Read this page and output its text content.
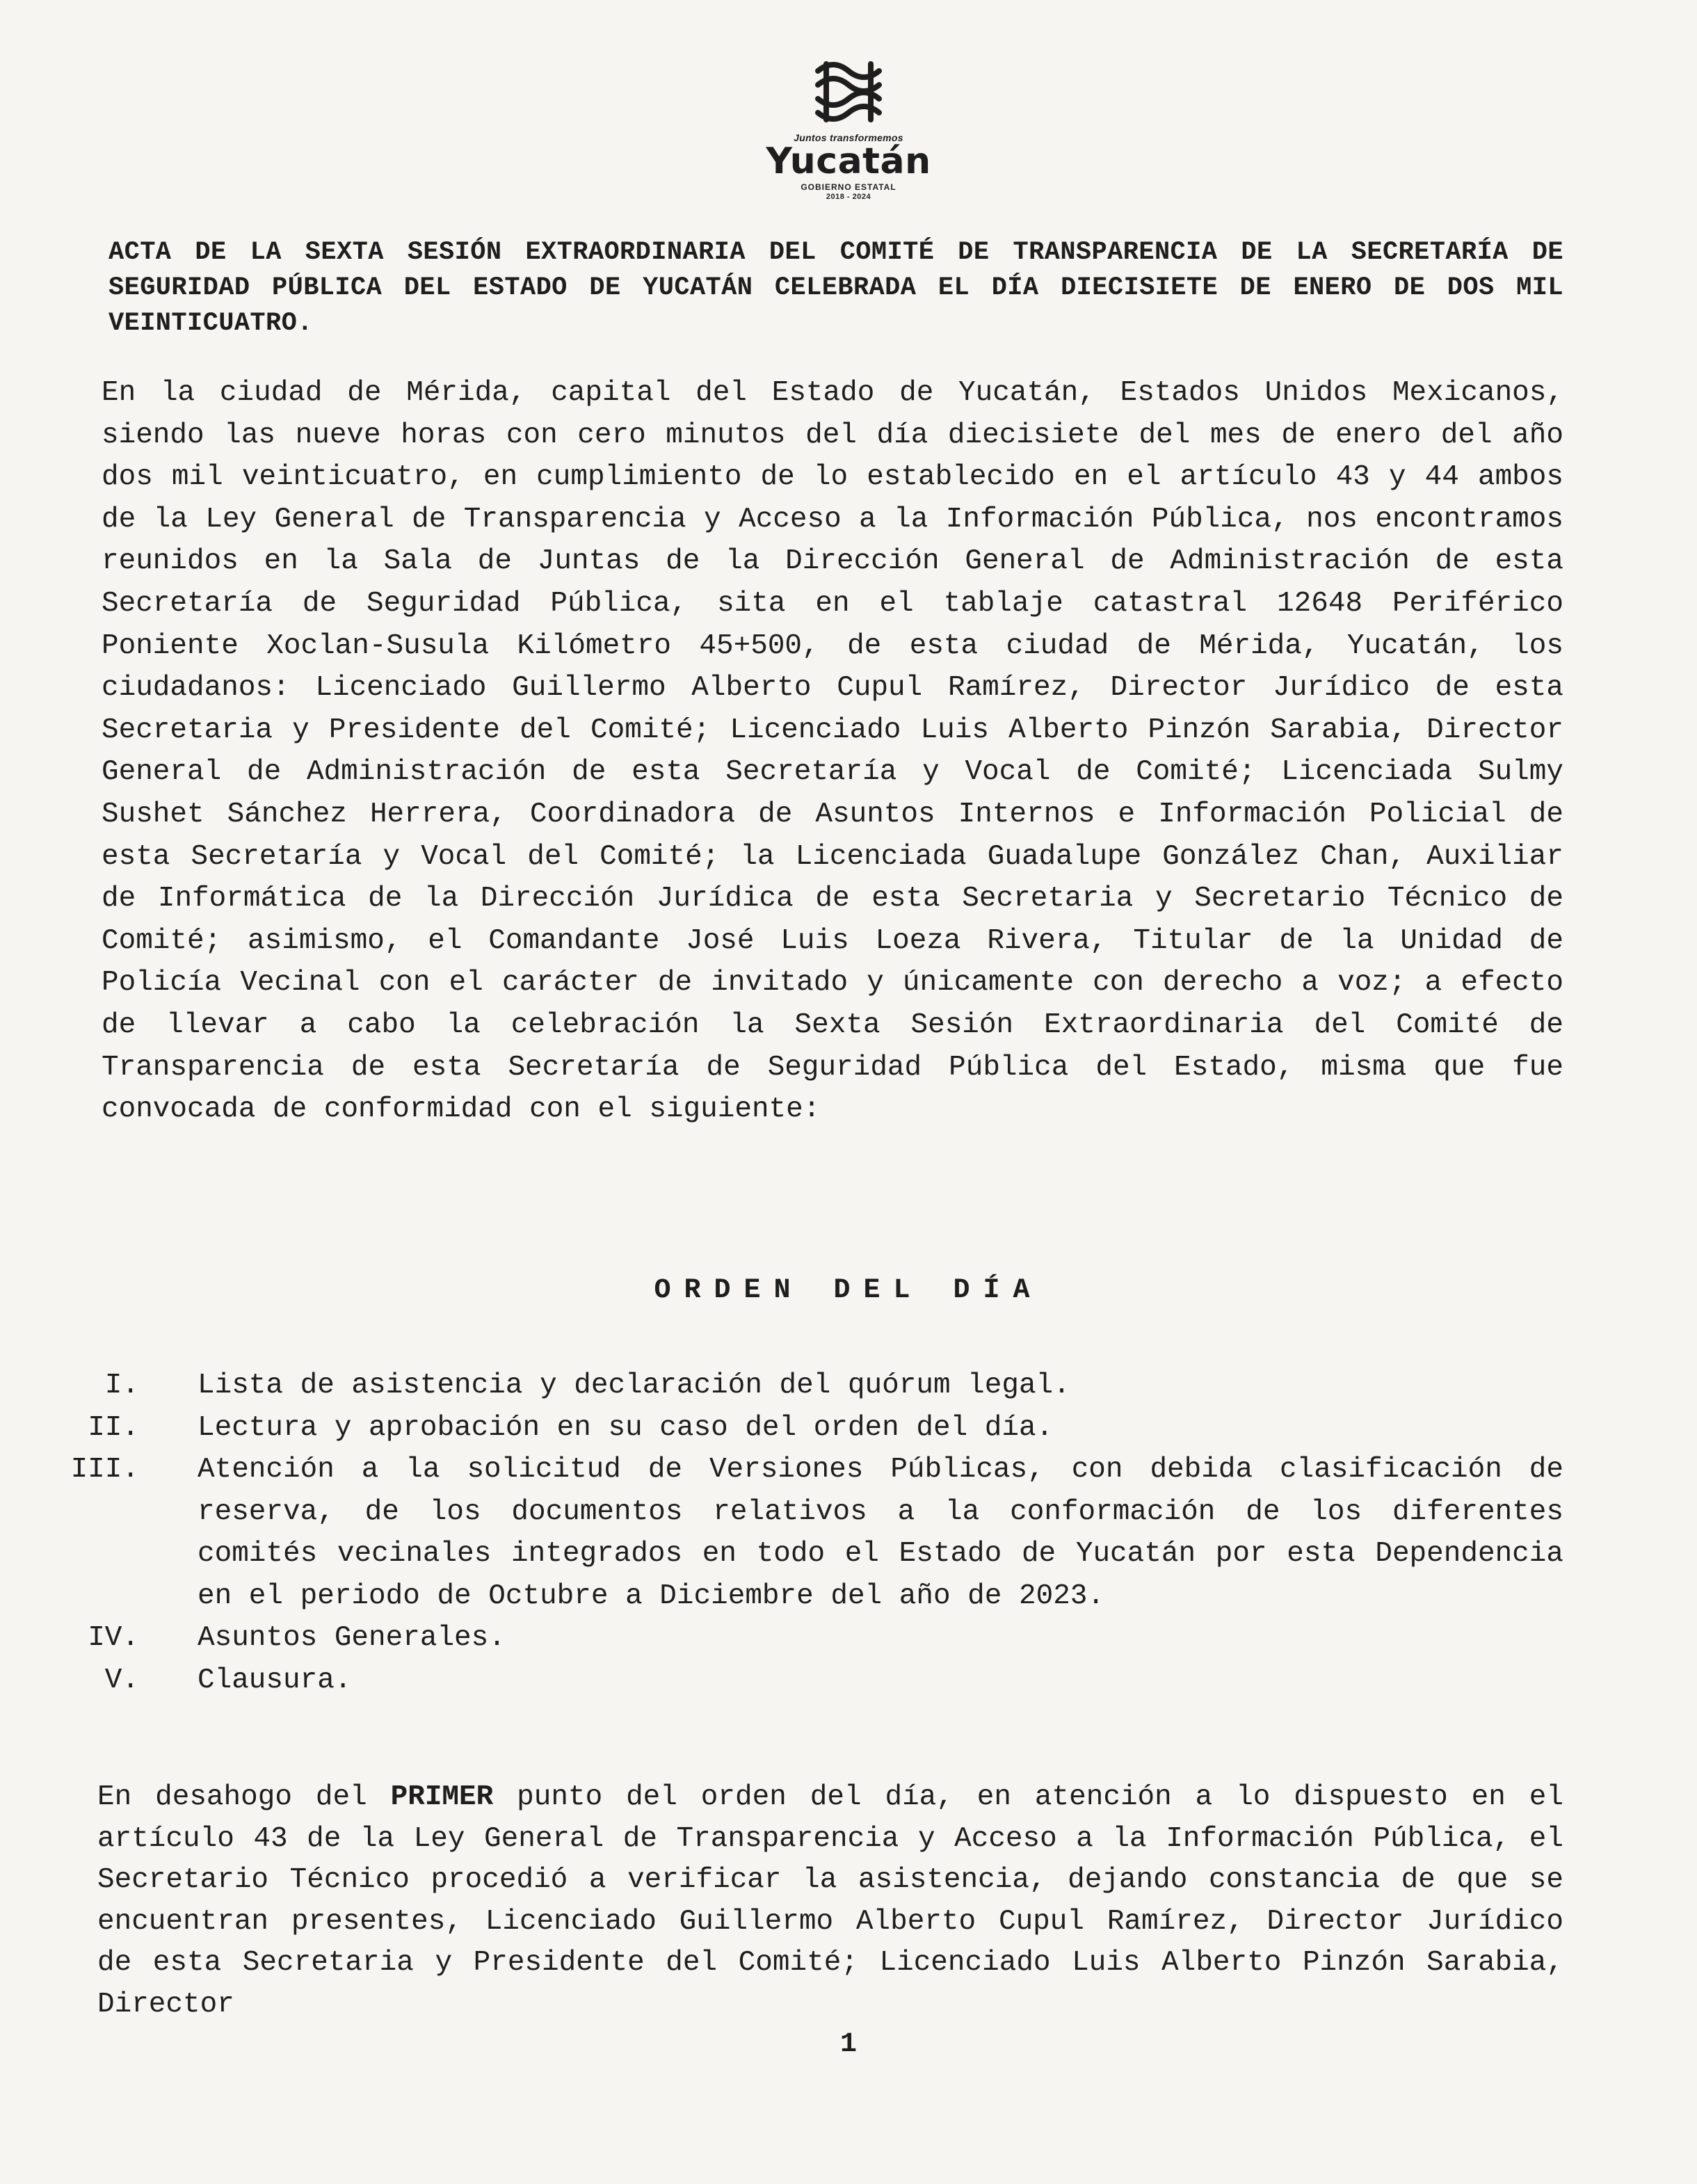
Juntos transformemos
Yucatán
GOBIERNO ESTATAL
2018 - 2024
ACTA DE LA SEXTA SESIÓN EXTRAORDINARIA DEL COMITÉ DE TRANSPARENCIA DE LA SECRETARÍA DE SEGURIDAD PÚBLICA DEL ESTADO DE YUCATÁN CELEBRADA EL DÍA DIECISIETE DE ENERO DE DOS MIL VEINTICUATRO.
En la ciudad de Mérida, capital del Estado de Yucatán, Estados Unidos Mexicanos, siendo las nueve horas con cero minutos del día diecisiete del mes de enero del año dos mil veinticuatro, en cumplimiento de lo establecido en el artículo 43 y 44 ambos de la Ley General de Transparencia y Acceso a la Información Pública, nos encontramos reunidos en la Sala de Juntas de la Dirección General de Administración de esta Secretaría de Seguridad Pública, sita en el tablaje catastral 12648 Periférico Poniente Xoclan-Susula Kilómetro 45+500, de esta ciudad de Mérida, Yucatán, los ciudadanos: Licenciado Guillermo Alberto Cupul Ramírez, Director Jurídico de esta Secretaria y Presidente del Comité; Licenciado Luis Alberto Pinzón Sarabia, Director General de Administración de esta Secretaría y Vocal de Comité; Licenciada Sulmy Sushet Sánchez Herrera, Coordinadora de Asuntos Internos e Información Policial de esta Secretaría y Vocal del Comité; la Licenciada Guadalupe González Chan, Auxiliar de Informática de la Dirección Jurídica de esta Secretaria y Secretario Técnico de Comité; asimismo, el Comandante José Luis Loeza Rivera, Titular de la Unidad de Policía Vecinal con el carácter de invitado y únicamente con derecho a voz; a efecto de llevar a cabo la celebración la Sexta Sesión Extraordinaria del Comité de Transparencia de esta Secretaría de Seguridad Pública del Estado, misma que fue convocada de conformidad con el siguiente:
ORDEN DEL DÍA
I. Lista de asistencia y declaración del quórum legal.
II. Lectura y aprobación en su caso del orden del día.
III. Atención a la solicitud de Versiones Públicas, con debida clasificación de reserva, de los documentos relativos a la conformación de los diferentes comités vecinales integrados en todo el Estado de Yucatán por esta Dependencia en el periodo de Octubre a Diciembre del año de 2023.
IV. Asuntos Generales.
V. Clausura.
En desahogo del PRIMER punto del orden del día, en atención a lo dispuesto en el artículo 43 de la Ley General de Transparencia y Acceso a la Información Pública, el Secretario Técnico procedió a verificar la asistencia, dejando constancia de que se encuentran presentes, Licenciado Guillermo Alberto Cupul Ramírez, Director Jurídico de esta Secretaria y Presidente del Comité; Licenciado Luis Alberto Pinzón Sarabia, Director
1
